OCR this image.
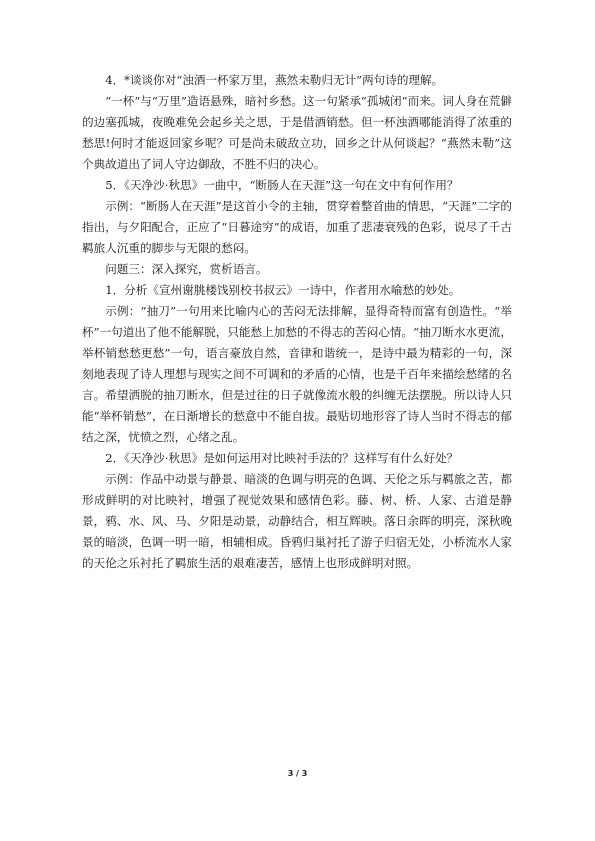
4．*谈谈你对“浊酒一杯家万里，燕然未勒归无计”两句诗的理解。

“一杯”与“万里”造语悬殊，暗衬乡愁。这一句紧承“孤城闭”而来。词人身在荒僻的边塞孤城，夜晚难免会起乡关之思，于是借酒销愁。但一杯浊酒哪能消得了浓重的愁思!何时才能返回家乡呢？可是尚未破敌立功，回乡之计从何谈起？“燕然未勒”这个典故道出了词人守边御敌，不胜不归的决心。

5．《天净沙·秋思》一曲中，“断肠人在天涯”这一句在文中有何作用？

示例：“断肠人在天涯”是这首小令的主轴，贯穿着整首曲的情思，“天涯”二字的指出，与夕阳配合，正应了“日暮途穷”的成语，加重了悲凄衰残的色彩，说尽了千古羁旅人沉重的脚步与无限的愁闷。

问题三：深入探究，赏析语言。

1．分析《宣州谢朓楼饯别校书叔云》一诗中，作者用水喻愁的妙处。

示例：“抽刀”一句用来比喻内心的苦闷无法排解，显得奇特而富有创造性。“举杯”一句道出了他不能解脱，只能愁上加愁的不得志的苦闷心情。“抽刀断水水更流，举杯销愁愁更愁”一句，语言豪放自然，音律和谐统一，是诗中最为精彩的一句，深刻地表现了诗人理想与现实之间不可调和的矛盾的心情，也是千百年来描绘愁绪的名言。希望洒脱的抽刀断水，但是过往的日子就像流水般的纠缠无法摆脱。所以诗人只能“举杯销愁”，在日渐增长的愁意中不能自拔。最贴切地形容了诗人当时不得志的郁结之深，忧愤之烈，心绪之乱。

2．《天净沙·秋思》是如何运用对比映衬手法的？这样写有什么好处？

示例：作品中动景与静景、暗淡的色调与明亮的色调、天伦之乐与羁旅之苦，都形成鲜明的对比映衬，增强了视觉效果和感情色彩。藤、树、桥、人家、古道是静景，鸦、水、风、马、夕阳是动景，动静结合，相互辉映。落日余晖的明亮，深秋晚景的暗淡，色调一明一暗，相辅相成。昏鸦归巢衬托了游子归宿无处，小桥流水人家的天伦之乐衬托了羁旅生活的艰难凄苦，感情上也形成鲜明对照。

3 / 3
